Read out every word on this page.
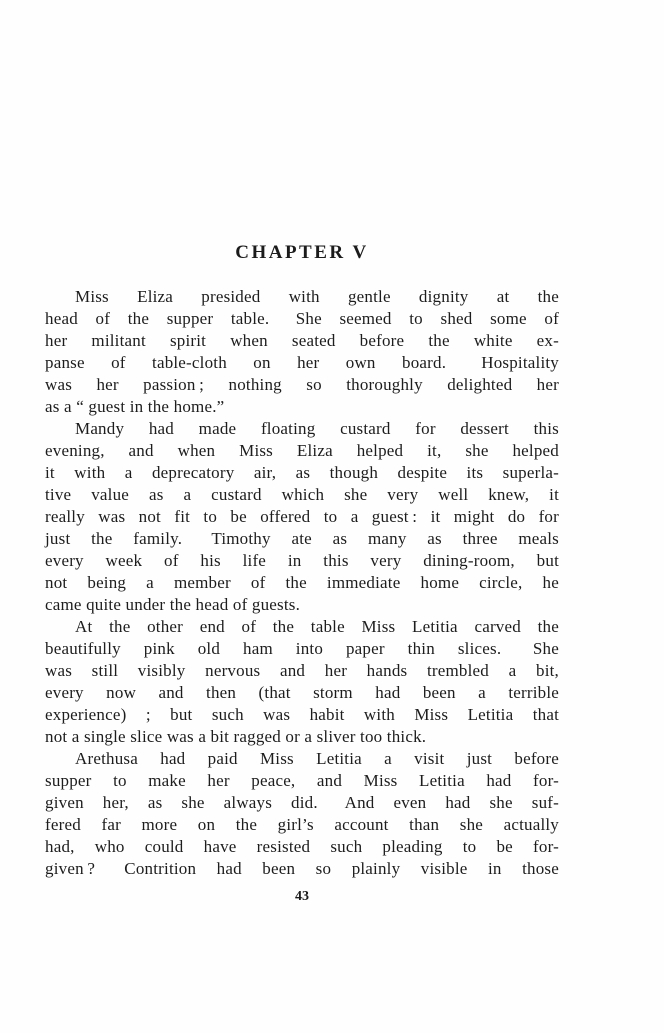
CHAPTER V
Miss Eliza presided with gentle dignity at the
head of the supper table.  She seemed to shed some of
her militant spirit when seated before the white ex-
panse of table-cloth on her own board.  Hospitality
was her passion ; nothing so thoroughly delighted her
as a “ guest in the home.”
Mandy had made floating custard for dessert this
evening, and when Miss Eliza helped it, she helped
it with a deprecatory air, as though despite its superla-
tive value as a custard which she very well knew, it
really was not fit to be offered to a guest : it might do for
just the family.  Timothy ate as many as three meals
every week of his life in this very dining-room, but
not being a member of the immediate home circle, he
came quite under the head of guests.
At the other end of the table Miss Letitia carved the
beautifully pink old ham into paper thin slices.  She
was still visibly nervous and her hands trembled a bit,
every now and then (that storm had been a terrible
experience) ; but such was habit with Miss Letitia that
not a single slice was a bit ragged or a sliver too thick.
Arethusa had paid Miss Letitia a visit just before
supper to make her peace, and Miss Letitia had for-
given her, as she always did.  And even had she suf-
fered far more on the girl’s account than she actually
had, who could have resisted such pleading to be for-
given ?  Contrition had been so plainly visible in those
43
